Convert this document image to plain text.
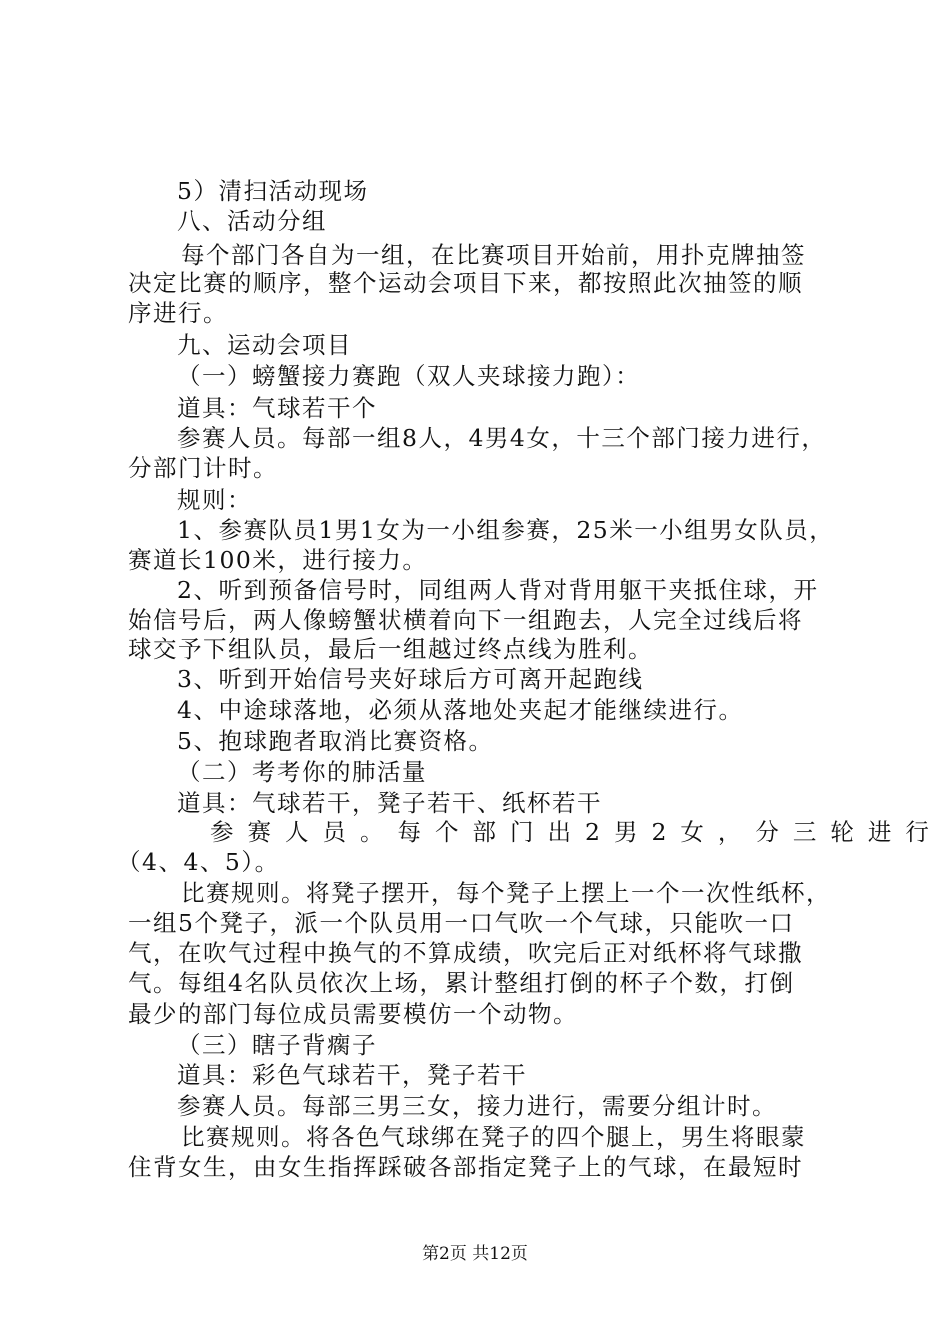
5）清扫活动现场
八、活动分组
每个部门各自为一组，在比赛项目开始前，用扑克牌抽签
决定比赛的顺序，整个运动会项目下来，都按照此次抽签的顺
序进行。
九、运动会项目
（一）螃蟹接力赛跑（双人夹球接力跑）：
道具：气球若干个
参赛人员。每部一组8人，4男4女，十三个部门接力进行，
分部门计时。
规则：
1、参赛队员1男1女为一小组参赛，25米一小组男女队员，
赛道长100米，进行接力。
2、听到预备信号时，同组两人背对背用躯干夹抵住球，开
始信号后，两人像螃蟹状横着向下一组跑去，人完全过线后将
球交予下组队员，最后一组越过终点线为胜利。
3、听到开始信号夹好球后方可离开起跑线
4、中途球落地，必须从落地处夹起才能继续进行。
5、抱球跑者取消比赛资格。
（二）考考你的肺活量
道具：气球若干，凳子若干、纸杯若干
参赛人员。每个部门出2男2女，分三轮进行
（4、4、5）。
比赛规则。将凳子摆开，每个凳子上摆上一个一次性纸杯，
一组5个凳子，派一个队员用一口气吹一个气球，只能吹一口
气，在吹气过程中换气的不算成绩，吹完后正对纸杯将气球撒
气。每组4名队员依次上场，累计整组打倒的杯子个数，打倒
最少的部门每位成员需要模仿一个动物。
（三）瞎子背瘸子
道具：彩色气球若干，凳子若干
参赛人员。每部三男三女，接力进行，需要分组计时。
比赛规则。将各色气球绑在凳子的四个腿上，男生将眼蒙
住背女生，由女生指挥踩破各部指定凳子上的气球，在最短时
第2页 共12页
